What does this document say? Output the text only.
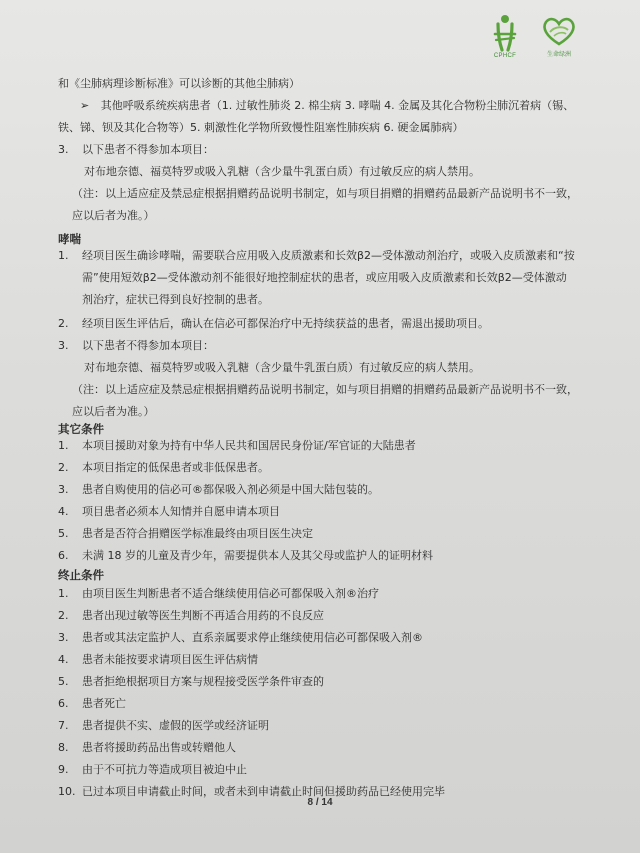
CPHCF	生命绿洲
和《尘肺病理诊断标准》可以诊断的其他尘肺病）
➢ 其他呼吸系统疾病患者（1. 过敏性肺炎 2. 棉尘病 3. 哮喘 4. 金属及其化合物粉尘肺沉着病（锡、
铁、锑、钡及其化合物等）5. 刺激性化学物所致慢性阻塞性肺疾病 6. 硬金属肺病）
3. 以下患者不得参加本项目：
对布地奈德、福莫特罗或吸入乳糖（含少量牛乳蛋白质）有过敏反应的病人禁用。
（注：以上适应症及禁忌症根据捐赠药品说明书制定，如与项目捐赠的捐赠药品最新产品说明书不一致，
应以后者为准。）
哮喘
1. 经项目医生确诊哮喘，需要联合应用吸入皮质激素和长效β2—受体激动剂治疗，或吸入皮质激素和“按
需”使用短效β2—受体激动剂不能很好地控制症状的患者，或应用吸入皮质激素和长效β2—受体激动
剂治疗，症状已得到良好控制的患者。
2. 经项目医生评估后，确认在信必可都保治疗中无持续获益的患者，需退出援助项目。
3. 以下患者不得参加本项目：
对布地奈德、福莫特罗或吸入乳糖（含少量牛乳蛋白质）有过敏反应的病人禁用。
（注：以上适应症及禁忌症根据捐赠药品说明书制定，如与项目捐赠的捐赠药品最新产品说明书不一致，
应以后者为准。）
其它条件
1. 本项目援助对象为持有中华人民共和国居民身份证/军官证的大陆患者
2. 本项目指定的低保患者或非低保患者。
3. 患者自购使用的信必可®都保吸入剂必须是中国大陆包装的。
4. 项目患者必须本人知情并自愿申请本项目
5. 患者是否符合捐赠医学标准最终由项目医生决定
6. 未满 18 岁的儿童及青少年，需要提供本人及其父母或监护人的证明材料
终止条件
1. 由项目医生判断患者不适合继续使用信必可都保吸入剂®治疗
2. 患者出现过敏等医生判断不再适合用药的不良反应
3. 患者或其法定监护人、直系亲属要求停止继续使用信必可都保吸入剂®
4. 患者未能按要求请项目医生评估病情
5. 患者拒绝根据项目方案与规程接受医学条件审查的
6. 患者死亡
7. 患者提供不实、虚假的医学或经济证明
8. 患者将援助药品出售或转赠他人
9. 由于不可抗力等造成项目被迫中止
10. 已过本项目申请截止时间，或者未到申请截止时间但援助药品已经使用完毕
8 / 14
